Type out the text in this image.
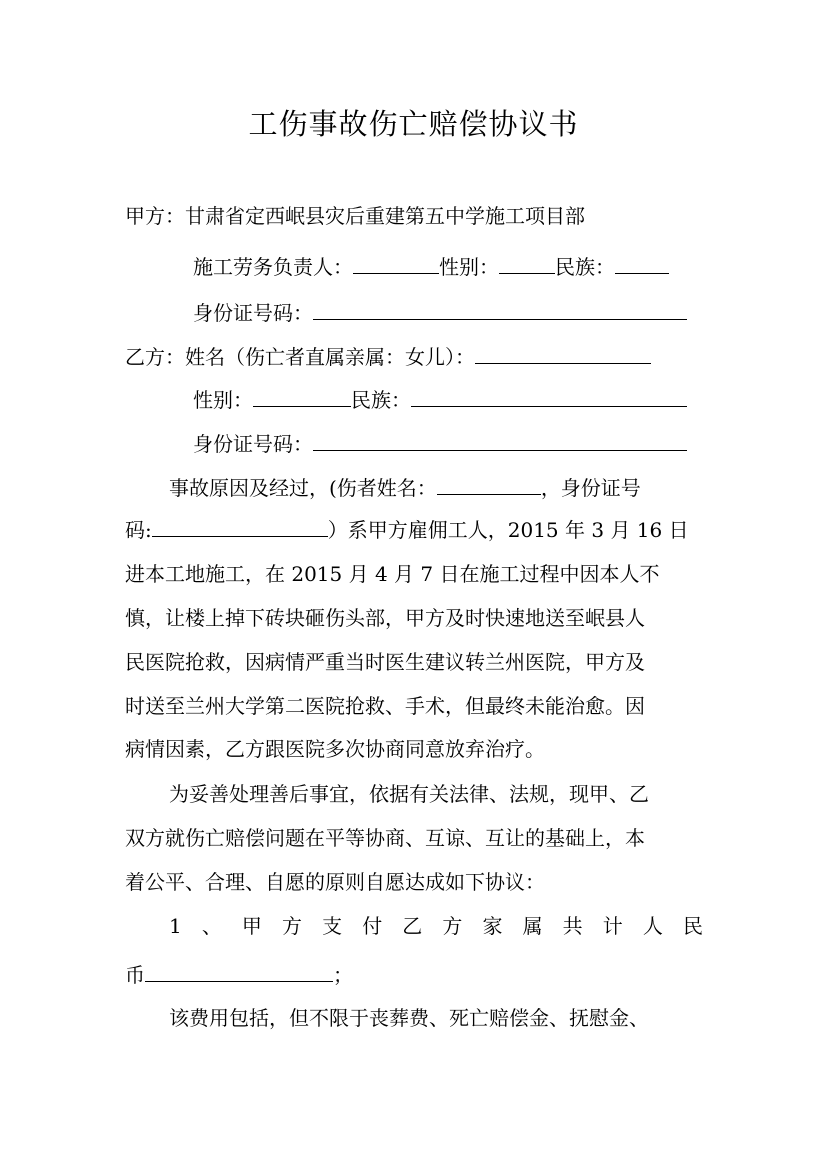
工伤事故伤亡赔偿协议书
甲方：甘肃省定西岷县灾后重建第五中学施工项目部
施工劳务负责人：	性别：	民族：
身份证号码：
乙方：姓名（伤亡者直属亲属：女儿）：
性别：	民族：
身份证号码：
事故原因及经过，(伤者姓名：	，身份证号
码:	）系甲方雇佣工人，2015 年 3 月 16 日
进本工地施工，在 2015 月 4 月 7 日在施工过程中因本人不
慎，让楼上掉下砖块砸伤头部，甲方及时快速地送至岷县人
民医院抢救，因病情严重当时医生建议转兰州医院，甲方及
时送至兰州大学第二医院抢救、手术，但最终未能治愈。因
病情因素，乙方跟医院多次协商同意放弃治疗。
为妥善处理善后事宜，依据有关法律、法规，现甲、乙
双方就伤亡赔偿问题在平等协商、互谅、互让的基础上，本
着公平、合理、自愿的原则自愿达成如下协议：
1 、 甲 方 支 付 乙 方 家 属 共 计 人 民
币	；
该费用包括，但不限于丧葬费、死亡赔偿金、抚慰金、
